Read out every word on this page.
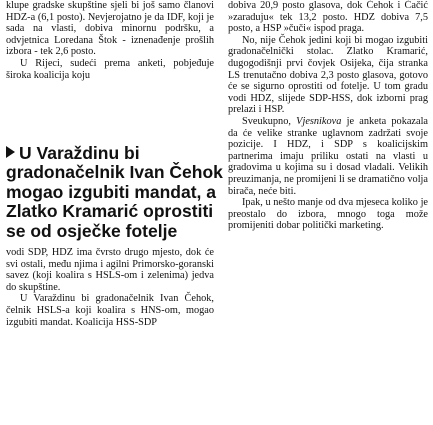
klupe gradske skupštine sjeli bi još samo članovi HDZ-a (6,1 posto). Nevjerojatno je da IDF, koji je sada na vlasti, dobiva minornu podršku, a odvjetnica Loredana Štok - iznenađenje prošlih izbora - tek 2,6 posto.

U Rijeci, sudeći prema anketi, pobjeđuje široka koalicija koju

U Varaždinu bi gradonačelnik Ivan Čehok mogao izgubiti mandat, a Zlatko Kramarić oprostiti se od osječke fotelje

vodi SDP, HDZ ima čvrsto drugo mjesto, dok će svi ostali, među njima i agilni Primorsko-goranski savez (koji koalira s HSLS-om i zelenima) jedva do skupštine.

U Varaždinu bi gradonačelnik Ivan Čehok, čelnik HSLS-a koji koalira s HNS-om, mogao izgubiti mandat. Koalicija HSS-SDP

dobiva 20,9 posto glasova, dok Čehok i Čačić »zaraduju« tek 13,2 posto. HDZ dobiva 7,5 posto, a HSP »čuči« ispod praga.

No, nije Čehok jedini koji bi mogao izgubiti gradonačelnički stolac. Zlatko Kramarić, dugogodišnji prvi čovjek Osijeka, čija stranka LS trenutačno dobiva 2,3 posto glasova, gotovo će se sigurno oprostiti od fotelje. U tom gradu vodi HDZ, slijede SDP-HSS, dok izborni prag prelazi i HSP.

Sveukupno, Vjesnikova je anketa pokazala da će velike stranke uglavnom zadržati svoje pozicije. I HDZ, i SDP s koalicijskim partnerima imaju priliku ostati na vlasti u gradovima u kojima su i dosad vladali. Velikih preuzimanja, ne promijeni li se dramatično volja birača, neće biti.

Ipak, u nešto manje od dva mjeseca koliko je preostalo do izbora, mnogo toga može promijeniti dobar politički marketing.
